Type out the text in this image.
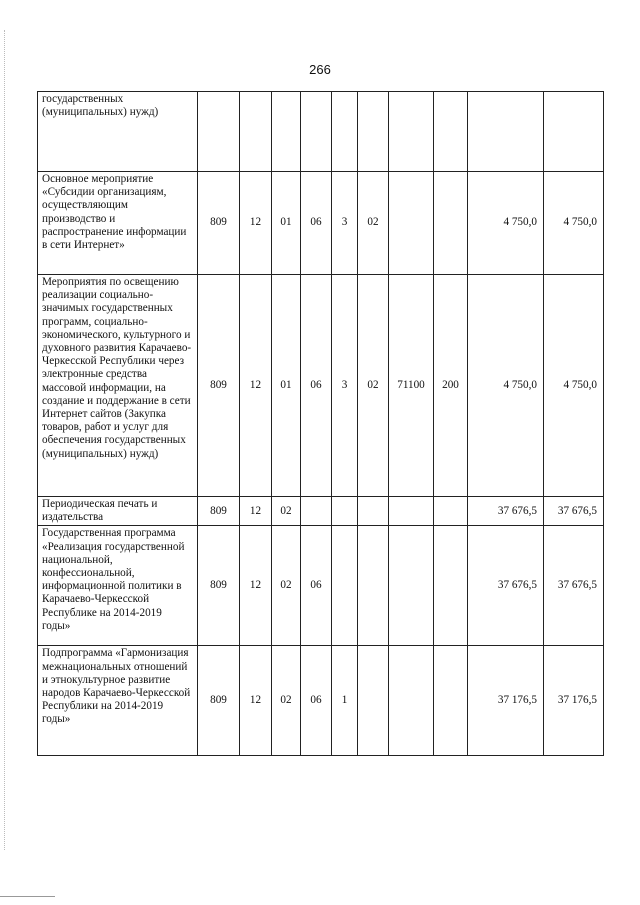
266
государственных (муниципальных) нужд)										
Основное мероприятие «Субсидии организациям, осуществляющим производство и распространение информации в сети Интернет»	809	12	01	06	3	02			4 750,0	4 750,0
Мероприятия по освещению реализации социально-значимых государственных программ, социально-экономического, культурного и духовного развития Карачаево-Черкесской Республики через электронные средства массовой информации, на создание и поддержание в сети Интернет сайтов (Закупка товаров, работ и услуг для обеспечения государственных (муниципальных) нужд)	809	12	01	06	3	02	71100	200	4 750,0	4 750,0
Периодическая печать и издательства	809	12	02						37 676,5	37 676,5
Государственная программа «Реализация государственной национальной, конфессиональной, информационной политики в Карачаево-Черкесской Республике на 2014-2019 годы»	809	12	02	06					37 676,5	37 676,5
Подпрограмма «Гармонизация межнациональных отношений и этнокультурное развитие народов Карачаево-Черкесской Республики на 2014-2019 годы»	809	12	02	06	1				37 176,5	37 176,5
